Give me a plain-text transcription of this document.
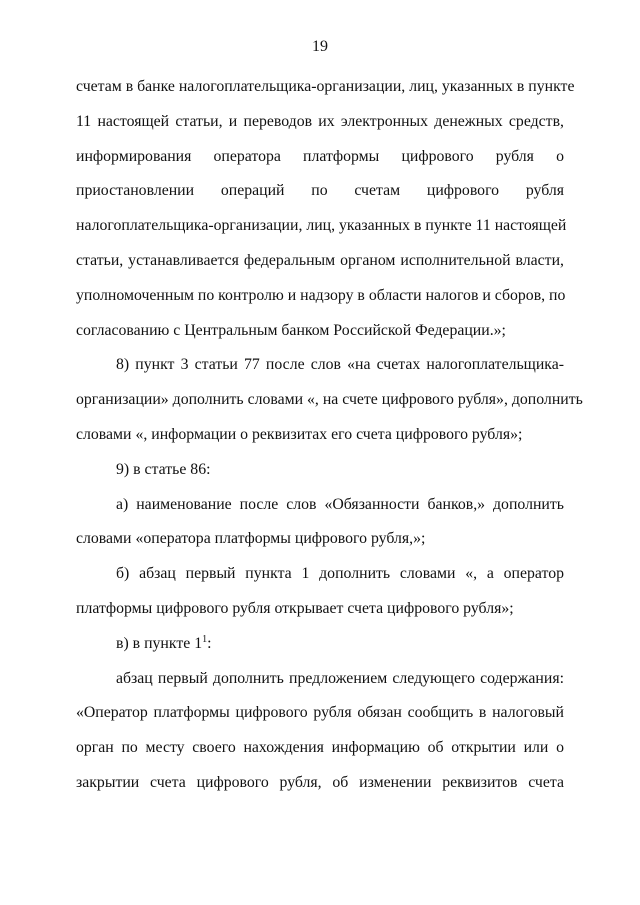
19
счетам в банке налогоплательщика-организации, лиц, указанных в пункте
11 настоящей статьи, и переводов их электронных денежных средств,
информирования оператора платформы цифрового рубля о
приостановлении операций по счетам цифрового рубля
налогоплательщика-организации, лиц, указанных в пункте 11 настоящей
статьи, устанавливается федеральным органом исполнительной власти,
уполномоченным по контролю и надзору в области налогов и сборов, по
согласованию с Центральным банком Российской Федерации.»;
8) пункт 3 статьи 77 после слов «на счетах налогоплательщика-
организации» дополнить словами «, на счете цифрового рубля», дополнить
словами «, информации о реквизитах его счета цифрового рубля»;
9) в статье 86:
а) наименование после слов «Обязанности банков,» дополнить
словами «оператора платформы цифрового рубля,»;
б) абзац первый пункта 1 дополнить словами «, а оператор
платформы цифрового рубля открывает счета цифрового рубля»;
в) в пункте $1^1$:
абзац первый дополнить предложением следующего содержания:
«Оператор платформы цифрового рубля обязан сообщить в налоговый
орган по месту своего нахождения информацию об открытии или о
закрытии счета цифрового рубля, об изменении реквизитов счета
